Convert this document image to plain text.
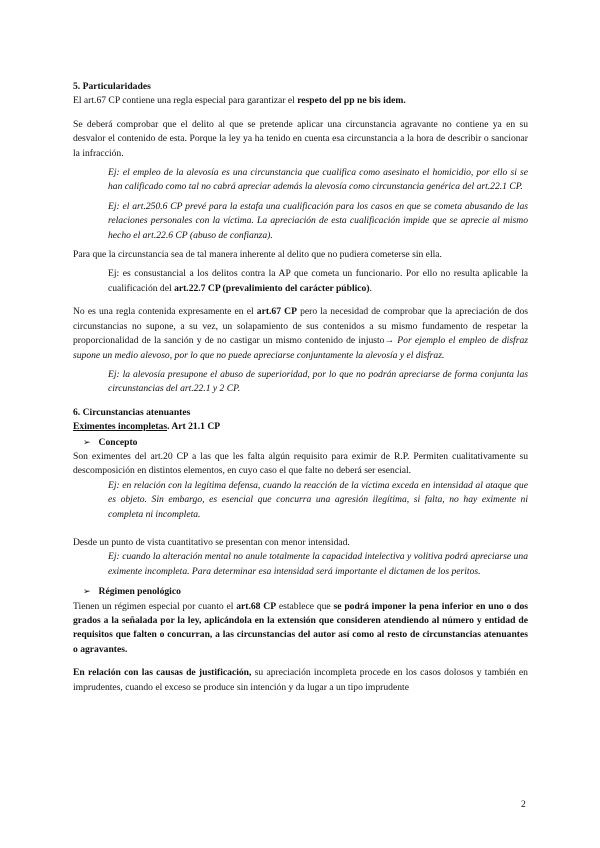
5. Particularidades

El art.67 CP contiene una regla especial para garantizar el respeto del pp ne bis idem.

Se deberá comprobar que el delito al que se pretende aplicar una circunstancia agravante no contiene ya en su desvalor el contenido de esta. Porque la ley ya ha tenido en cuenta esa circunstancia a la hora de describir o sancionar la infracción.

Ej: el empleo de la alevosía es una circunstancia que cualifica como asesinato el homicidio, por ello si se han calificado como tal no cabrá apreciar además la alevosía como circunstancia genérica del art.22.1 CP.

Ej: el art.250.6 CP prevé para la estafa una cualificación para los casos en que se cometa abusando de las relaciones personales con la víctima. La apreciación de esta cualificación impide que se aprecie al mismo hecho el art.22.6 CP (abuso de confianza).

Para que la circunstancia sea de tal manera inherente al delito que no pudiera cometerse sin ella.

Ej: es consustancial a los delitos contra la AP que cometa un funcionario. Por ello no resulta aplicable la cualificación del art.22.7 CP (prevalimiento del carácter público).

No es una regla contenida expresamente en el art.67 CP pero la necesidad de comprobar que la apreciación de dos circunstancias no supone, a su vez, un solapamiento de sus contenidos a su mismo fundamento de respetar la proporcionalidad de la sanción y de no castigar un mismo contenido de injusto→ Por ejemplo el empleo de disfraz supone un medio alevoso, por lo que no puede apreciarse conjuntamente la alevosía y el disfraz.

Ej: la alevosía presupone el abuso de superioridad, por lo que no podrán apreciarse de forma conjunta las circunstancias del art.22.1 y 2 CP.

6. Circunstancias atenuantes

Eximentes incompletas. Art 21.1 CP

➢ Concepto

Son eximentes del art.20 CP a las que les falta algún requisito para eximir de R.P. Permiten cualitativamente su descomposición en distintos elementos, en cuyo caso el que falte no deberá ser esencial.

Ej: en relación con la legítima defensa, cuando la reacción de la víctima exceda en intensidad al ataque que es objeto. Sin embargo, es esencial que concurra una agresión ilegítima, si falta, no hay eximente ni completa ni incompleta.

Desde un punto de vista cuantitativo se presentan con menor intensidad.

Ej: cuando la alteración mental no anule totalmente la capacidad intelectiva y volitiva podrá apreciarse una eximente incompleta. Para determinar esa intensidad será importante el dictamen de los peritos.

➢ Régimen penológico

Tienen un régimen especial por cuanto el art.68 CP establece que se podrá imponer la pena inferior en uno o dos grados a la señalada por la ley, aplicándola en la extensión que consideren atendiendo al número y entidad de requisitos que falten o concurran, a las circunstancias del autor así como al resto de circunstancias atenuantes o agravantes.

En relación con las causas de justificación, su apreciación incompleta procede en los casos dolosos y también en imprudentes, cuando el exceso se produce sin intención y da lugar a un tipo imprudente

2
